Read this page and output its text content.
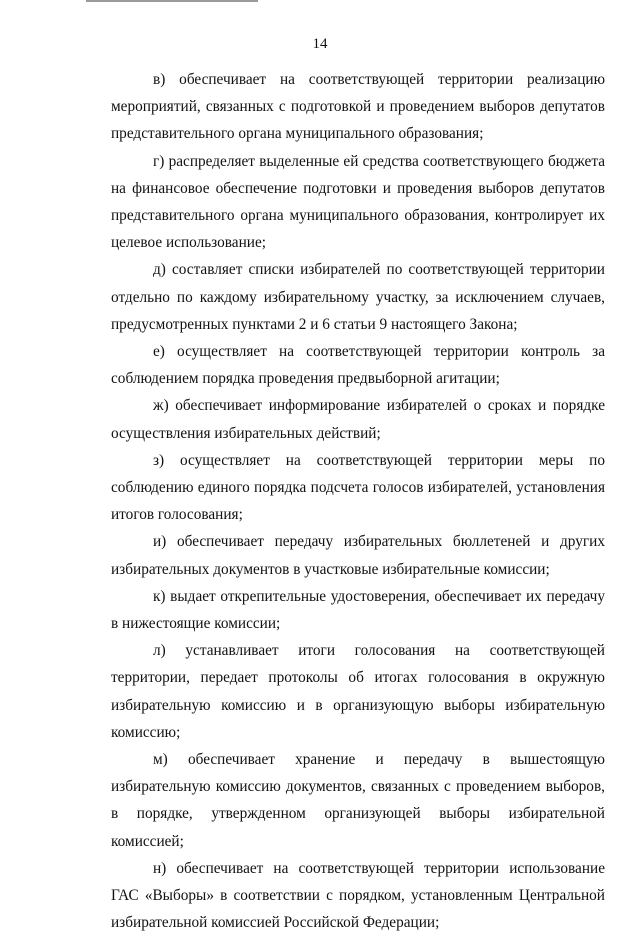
14

в) обеспечивает на соответствующей территории реализацию мероприятий, связанных с подготовкой и проведением выборов депутатов представительного органа муниципального образования;

г) распределяет выделенные ей средства соответствующего бюджета на финансовое обеспечение подготовки и проведения выборов депутатов представительного органа муниципального образования, контролирует их целевое использование;

д) составляет списки избирателей по соответствующей территории отдельно по каждому избирательному участку, за исключением случаев, предусмотренных пунктами 2 и 6 статьи 9 настоящего Закона;

е) осуществляет на соответствующей территории контроль за соблюдением порядка проведения предвыборной агитации;

ж) обеспечивает информирование избирателей о сроках и порядке осуществления избирательных действий;

з) осуществляет на соответствующей территории меры по соблюдению единого порядка подсчета голосов избирателей, установления итогов голосования;

и) обеспечивает передачу избирательных бюллетеней и других избирательных документов в участковые избирательные комиссии;

к) выдает открепительные удостоверения, обеспечивает их передачу в нижестоящие комиссии;

л) устанавливает итоги голосования на соответствующей территории, передает протоколы об итогах голосования в окружную избирательную комиссию и в организующую выборы избирательную комиссию;

м) обеспечивает хранение и передачу в вышестоящую избирательную комиссию документов, связанных с проведением выборов, в порядке, утвержденном организующей выборы избирательной комиссией;

н) обеспечивает на соответствующей территории использование ГАС «Выборы» в соответствии с порядком, установленным Центральной избирательной комиссией Российской Федерации;
